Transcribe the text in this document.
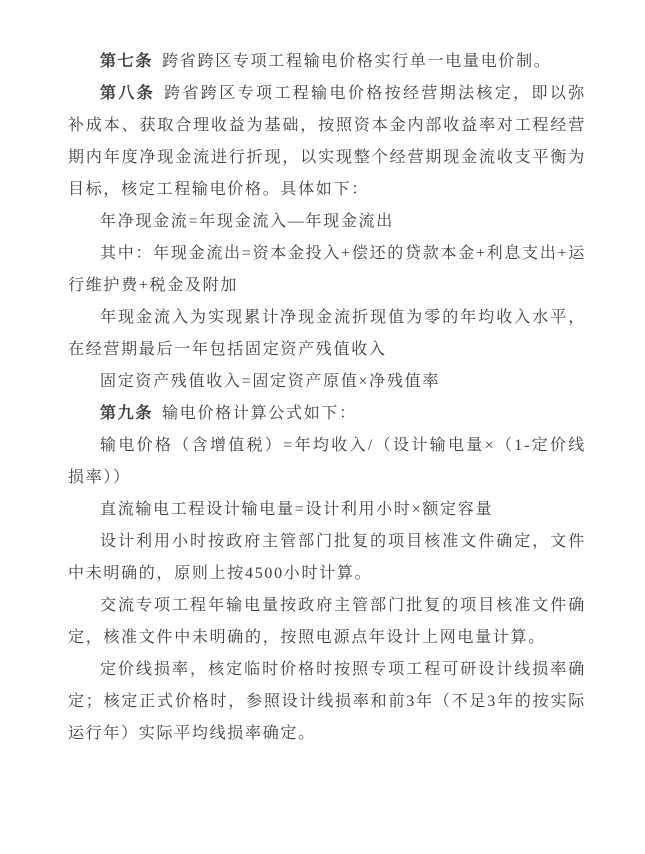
第七条 跨省跨区专项工程输电价格实行单一电量电价制。

第八条 跨省跨区专项工程输电价格按经营期法核定，即以弥补成本、获取合理收益为基础，按照资本金内部收益率对工程经营期内年度净现金流进行折现，以实现整个经营期现金流收支平衡为目标，核定工程输电价格。具体如下：

年净现金流=年现金流入—年现金流出

其中：年现金流出=资本金投入+偿还的贷款本金+利息支出+运行维护费+税金及附加

年现金流入为实现累计净现金流折现值为零的年均收入水平，在经营期最后一年包括固定资产残值收入

固定资产残值收入=固定资产原值×净残值率

第九条 输电价格计算公式如下：

输电价格（含增值税）=年均收入/（设计输电量×（1-定价线损率））

直流输电工程设计输电量=设计利用小时×额定容量

设计利用小时按政府主管部门批复的项目核准文件确定，文件中未明确的，原则上按4500小时计算。

交流专项工程年输电量按政府主管部门批复的项目核准文件确定，核准文件中未明确的，按照电源点年设计上网电量计算。

定价线损率，核定临时价格时按照专项工程可研设计线损率确定；核定正式价格时，参照设计线损率和前3年（不足3年的按实际运行年）实际平均线损率确定。
